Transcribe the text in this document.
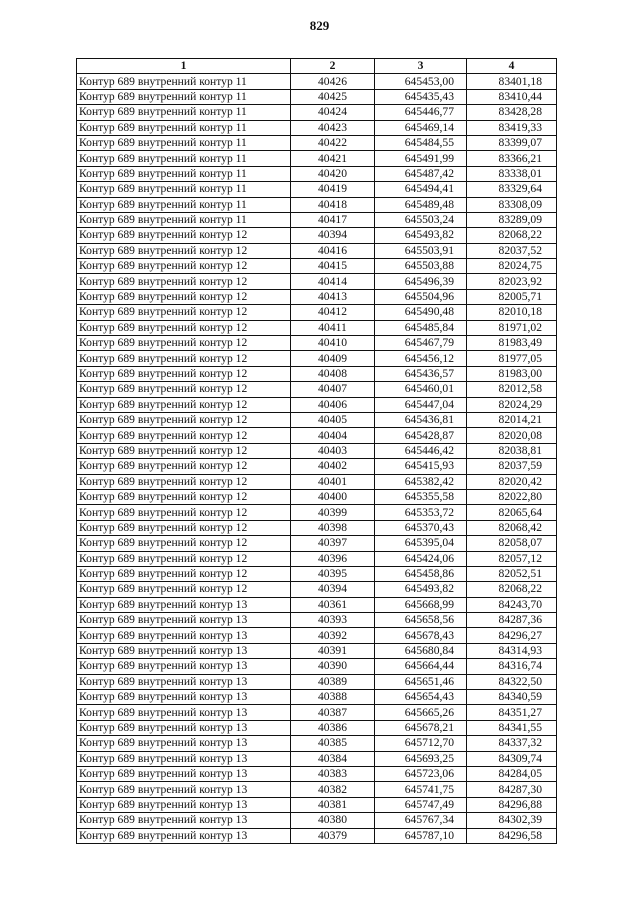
829
1	2	3	4
Контур 689 внутренний контур 11	40426	645453,00	83401,18
Контур 689 внутренний контур 11	40425	645435,43	83410,44
Контур 689 внутренний контур 11	40424	645446,77	83428,28
Контур 689 внутренний контур 11	40423	645469,14	83419,33
Контур 689 внутренний контур 11	40422	645484,55	83399,07
Контур 689 внутренний контур 11	40421	645491,99	83366,21
Контур 689 внутренний контур 11	40420	645487,42	83338,01
Контур 689 внутренний контур 11	40419	645494,41	83329,64
Контур 689 внутренний контур 11	40418	645489,48	83308,09
Контур 689 внутренний контур 11	40417	645503,24	83289,09
Контур 689 внутренний контур 12	40394	645493,82	82068,22
Контур 689 внутренний контур 12	40416	645503,91	82037,52
Контур 689 внутренний контур 12	40415	645503,88	82024,75
Контур 689 внутренний контур 12	40414	645496,39	82023,92
Контур 689 внутренний контур 12	40413	645504,96	82005,71
Контур 689 внутренний контур 12	40412	645490,48	82010,18
Контур 689 внутренний контур 12	40411	645485,84	81971,02
Контур 689 внутренний контур 12	40410	645467,79	81983,49
Контур 689 внутренний контур 12	40409	645456,12	81977,05
Контур 689 внутренний контур 12	40408	645436,57	81983,00
Контур 689 внутренний контур 12	40407	645460,01	82012,58
Контур 689 внутренний контур 12	40406	645447,04	82024,29
Контур 689 внутренний контур 12	40405	645436,81	82014,21
Контур 689 внутренний контур 12	40404	645428,87	82020,08
Контур 689 внутренний контур 12	40403	645446,42	82038,81
Контур 689 внутренний контур 12	40402	645415,93	82037,59
Контур 689 внутренний контур 12	40401	645382,42	82020,42
Контур 689 внутренний контур 12	40400	645355,58	82022,80
Контур 689 внутренний контур 12	40399	645353,72	82065,64
Контур 689 внутренний контур 12	40398	645370,43	82068,42
Контур 689 внутренний контур 12	40397	645395,04	82058,07
Контур 689 внутренний контур 12	40396	645424,06	82057,12
Контур 689 внутренний контур 12	40395	645458,86	82052,51
Контур 689 внутренний контур 12	40394	645493,82	82068,22
Контур 689 внутренний контур 13	40361	645668,99	84243,70
Контур 689 внутренний контур 13	40393	645658,56	84287,36
Контур 689 внутренний контур 13	40392	645678,43	84296,27
Контур 689 внутренний контур 13	40391	645680,84	84314,93
Контур 689 внутренний контур 13	40390	645664,44	84316,74
Контур 689 внутренний контур 13	40389	645651,46	84322,50
Контур 689 внутренний контур 13	40388	645654,43	84340,59
Контур 689 внутренний контур 13	40387	645665,26	84351,27
Контур 689 внутренний контур 13	40386	645678,21	84341,55
Контур 689 внутренний контур 13	40385	645712,70	84337,32
Контур 689 внутренний контур 13	40384	645693,25	84309,74
Контур 689 внутренний контур 13	40383	645723,06	84284,05
Контур 689 внутренний контур 13	40382	645741,75	84287,30
Контур 689 внутренний контур 13	40381	645747,49	84296,88
Контур 689 внутренний контур 13	40380	645767,34	84302,39
Контур 689 внутренний контур 13	40379	645787,10	84296,58
